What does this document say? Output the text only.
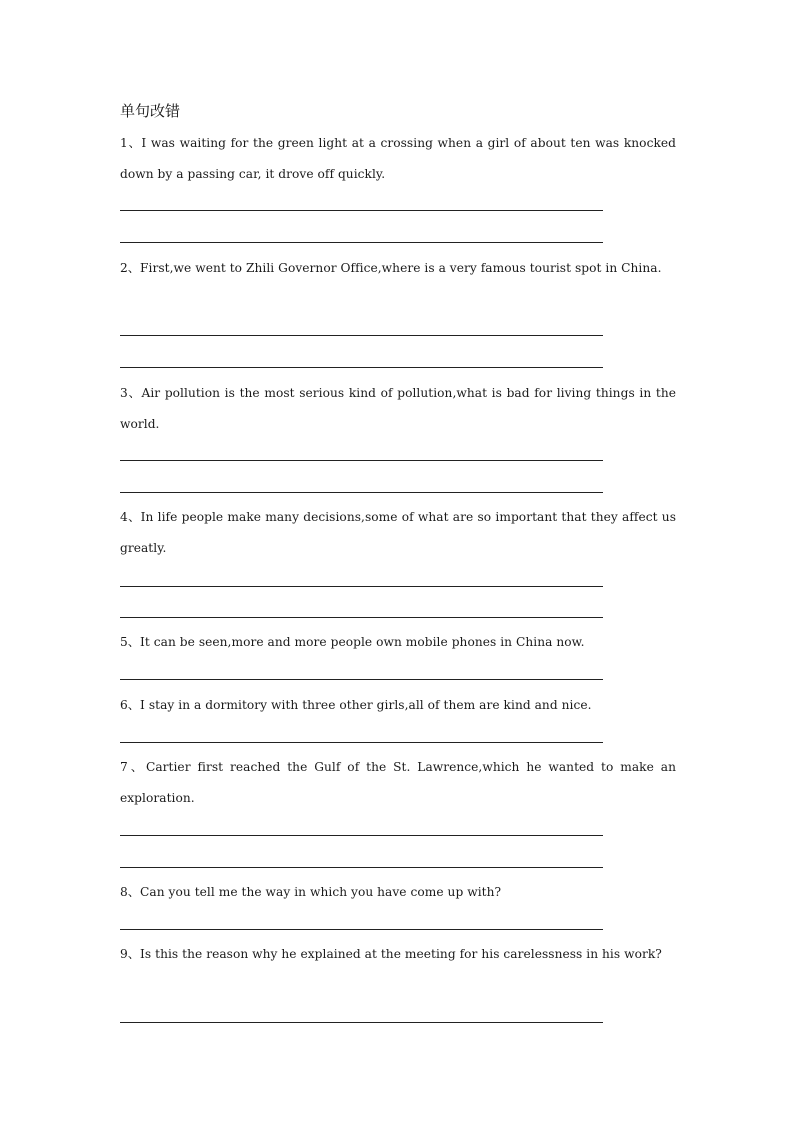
单句改错
1、I was waiting for the green light at a crossing when a girl of about ten was knocked down by a passing car, it drove off quickly.
2、First,we went to Zhili Governor Office,where is a very famous tourist spot in China.
3、Air pollution is the most serious kind of pollution,what is bad for living things in the world.
4、In life people make many decisions,some of what are so important that they affect us greatly.
5、It can be seen,more and more people own mobile phones in China now.
6、I stay in a dormitory with three other girls,all of them are kind and nice.
7、Cartier first reached the Gulf of the St. Lawrence,which he wanted to make an exploration.
8、Can you tell me the way in which you have come up with?
9、Is this the reason why he explained at the meeting for his carelessness in his work?
